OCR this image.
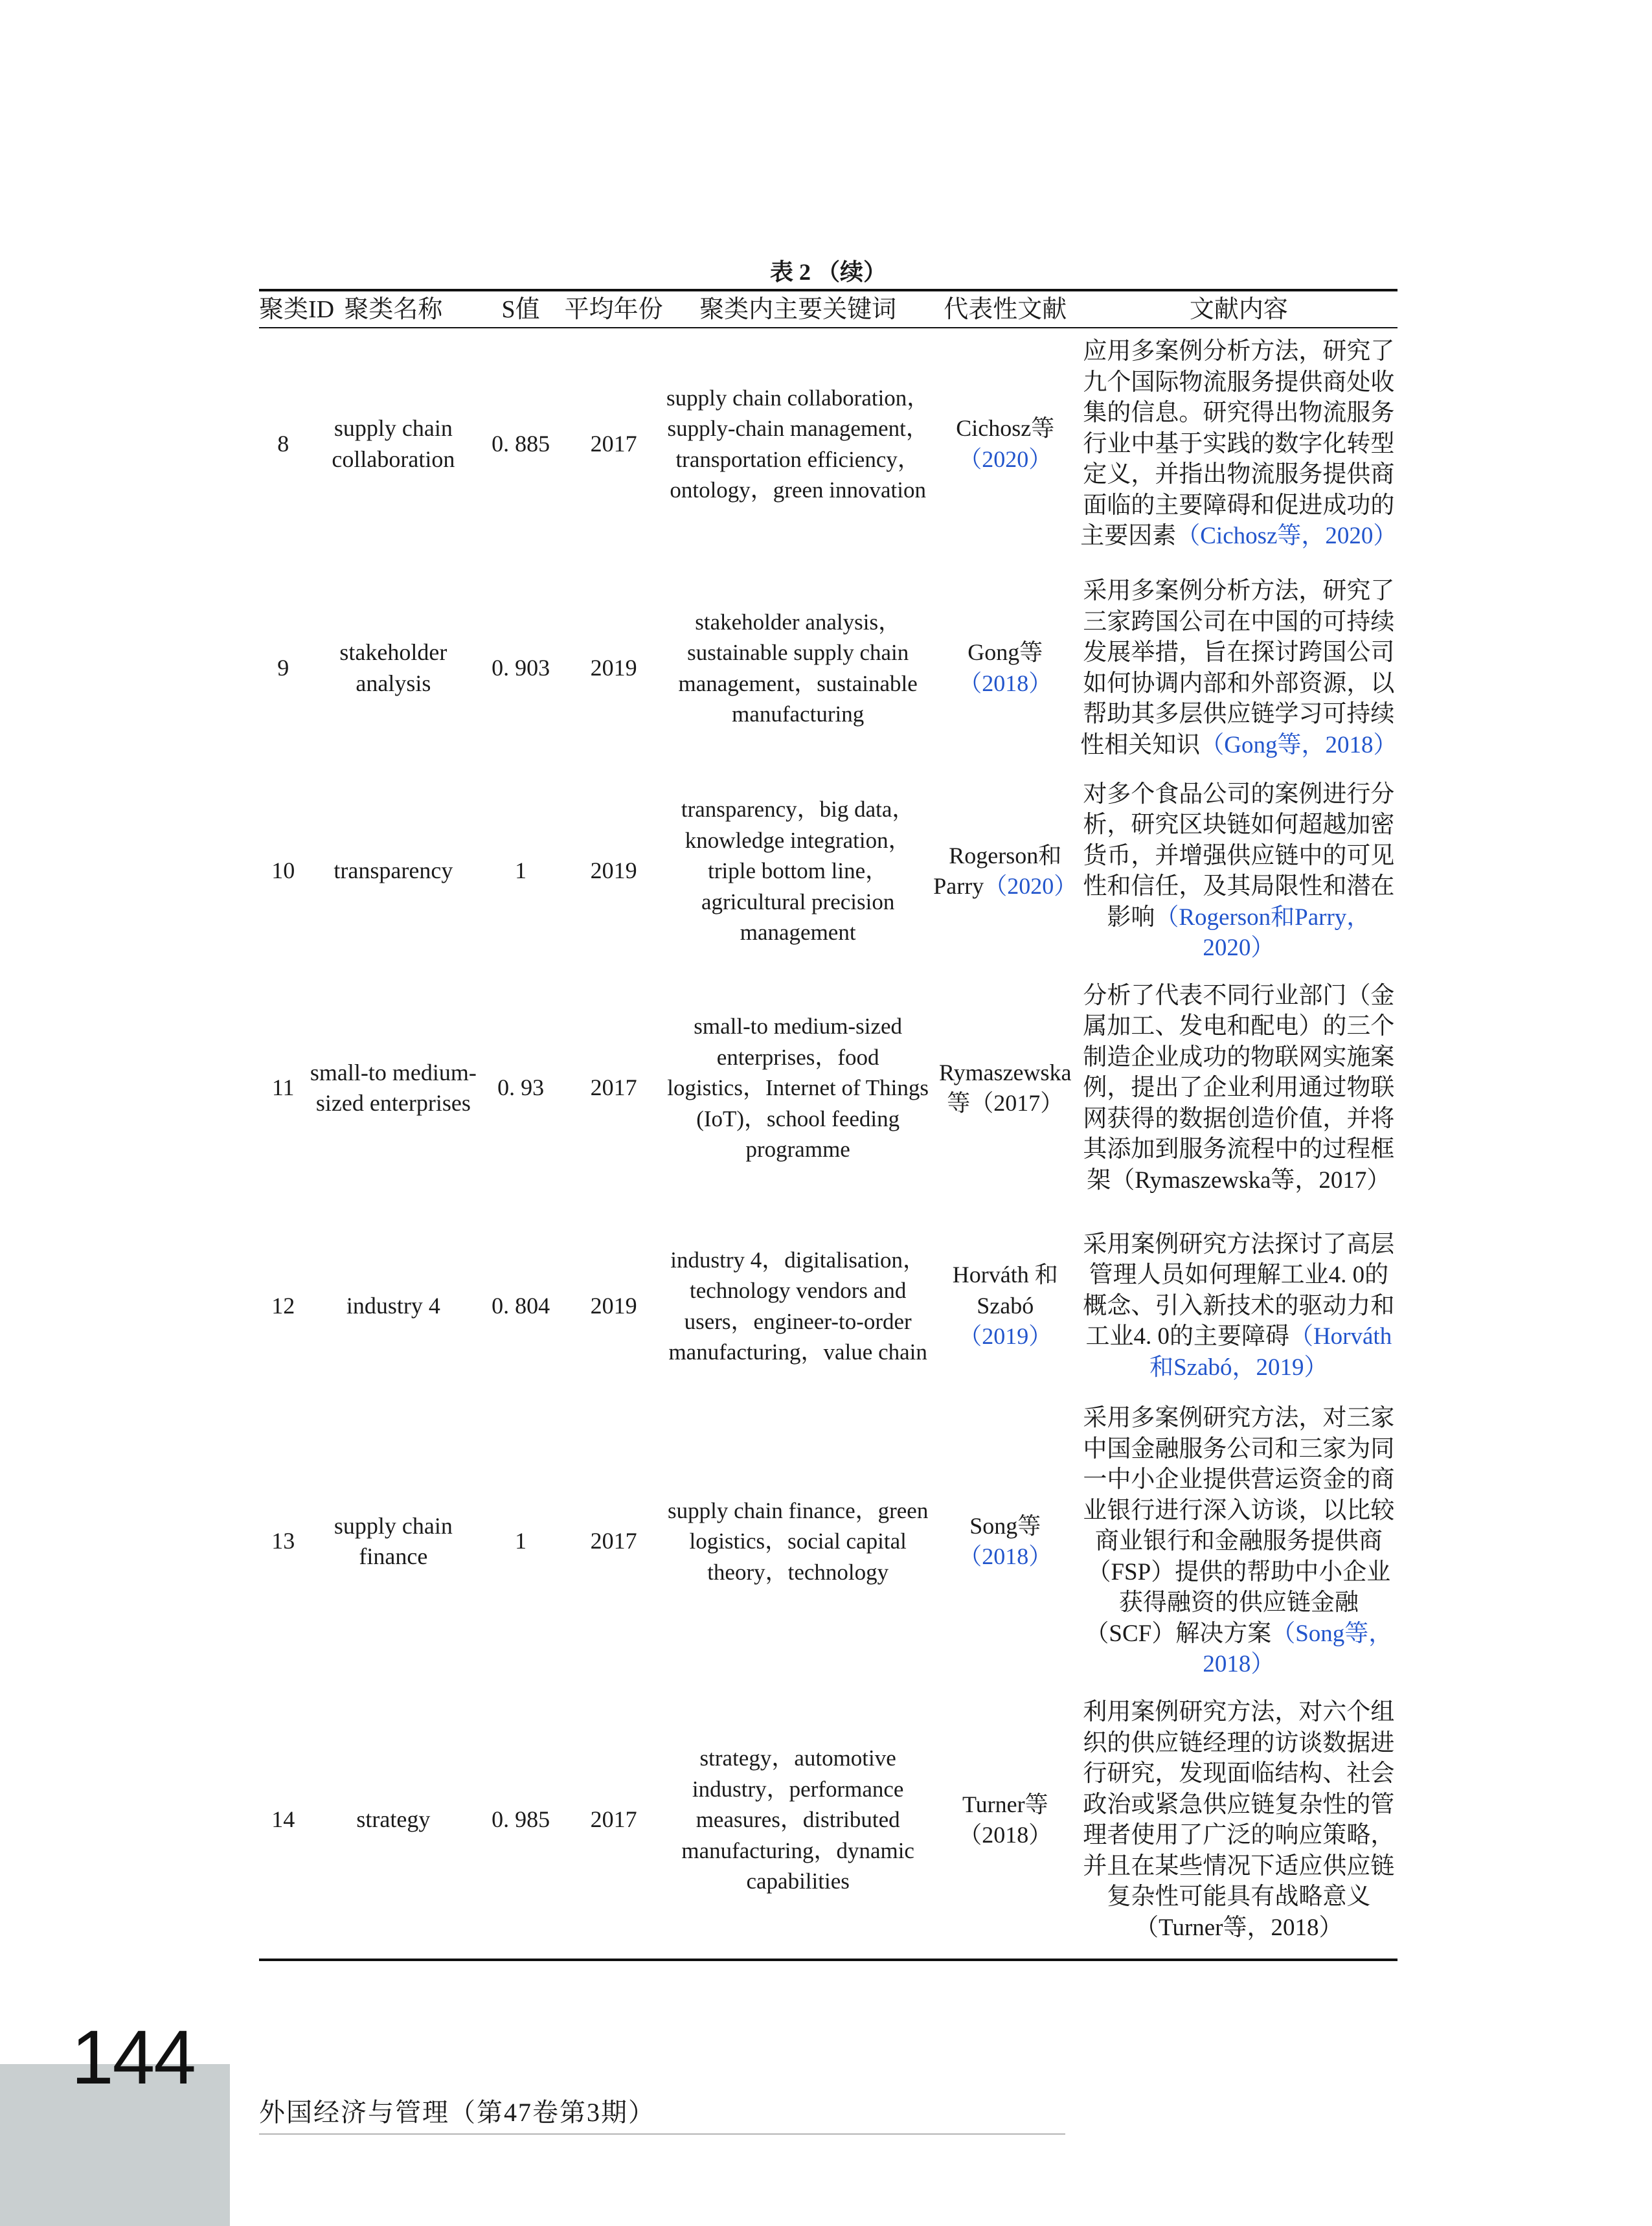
表 2 （续）
聚类ID	聚类名称	S值	平均年份	聚类内主要关键词	代表性文献	文献内容
8	supply chain collaboration	0. 885	2017	supply chain collaboration，supply-chain management，transportation efficiency，ontology，green innovation	Cichosz等（2020）	应用多案例分析方法，研究了九个国际物流服务提供商处收集的信息。研究得出物流服务行业中基于实践的数字化转型定义，并指出物流服务提供商面临的主要障碍和促进成功的主要因素（Cichosz等，2020）
9	stakeholder analysis	0. 903	2019	stakeholder analysis，sustainable supply chain management，sustainable manufacturing	Gong等（2018）	采用多案例分析方法，研究了三家跨国公司在中国的可持续发展举措，旨在探讨跨国公司如何协调内部和外部资源，以帮助其多层供应链学习可持续性相关知识（Gong等，2018）
10	transparency	1	2019	transparency，big data，knowledge integration，triple bottom line，agricultural precision management	Rogerson和Parry（2020）	对多个食品公司的案例进行分析，研究区块链如何超越加密货币，并增强供应链中的可见性和信任，及其局限性和潜在影响（Rogerson和Parry，2020）
11	small-to medium-sized enterprises	0. 93	2017	small-to medium-sized enterprises，food logistics，Internet of Things (IoT)，school feeding programme	Rymaszewska等（2017）	分析了代表不同行业部门（金属加工、发电和配电）的三个制造企业成功的物联网实施案例，提出了企业利用通过物联网获得的数据创造价值，并将其添加到服务流程中的过程框架（Rymaszewska等，2017）
12	industry 4	0. 804	2019	industry 4，digitalisation，technology vendors and users，engineer-to-order manufacturing，value chain	Horváth 和Szabó（2019）	采用案例研究方法探讨了高层管理人员如何理解工业4. 0的概念、引入新技术的驱动力和工业4. 0的主要障碍（Horváth 和Szabó，2019）
13	supply chain finance	1	2017	supply chain finance，green logistics，social capital theory，technology	Song等（2018）	采用多案例研究方法，对三家中国金融服务公司和三家为同一中小企业提供营运资金的商业银行进行深入访谈，以比较商业银行和金融服务提供商（FSP）提供的帮助中小企业获得融资的供应链金融（SCF）解决方案（Song等，2018）
14	strategy	0. 985	2017	strategy，automotive industry，performance measures，distributed manufacturing，dynamic capabilities	Turner等（2018）	利用案例研究方法，对六个组织的供应链经理的访谈数据进行研究，发现面临结构、社会政治或紧急供应链复杂性的管理者使用了广泛的响应策略，并且在某些情况下适应供应链复杂性可能具有战略意义（Turner等，2018）
144
外国经济与管理（第47卷第3期）
